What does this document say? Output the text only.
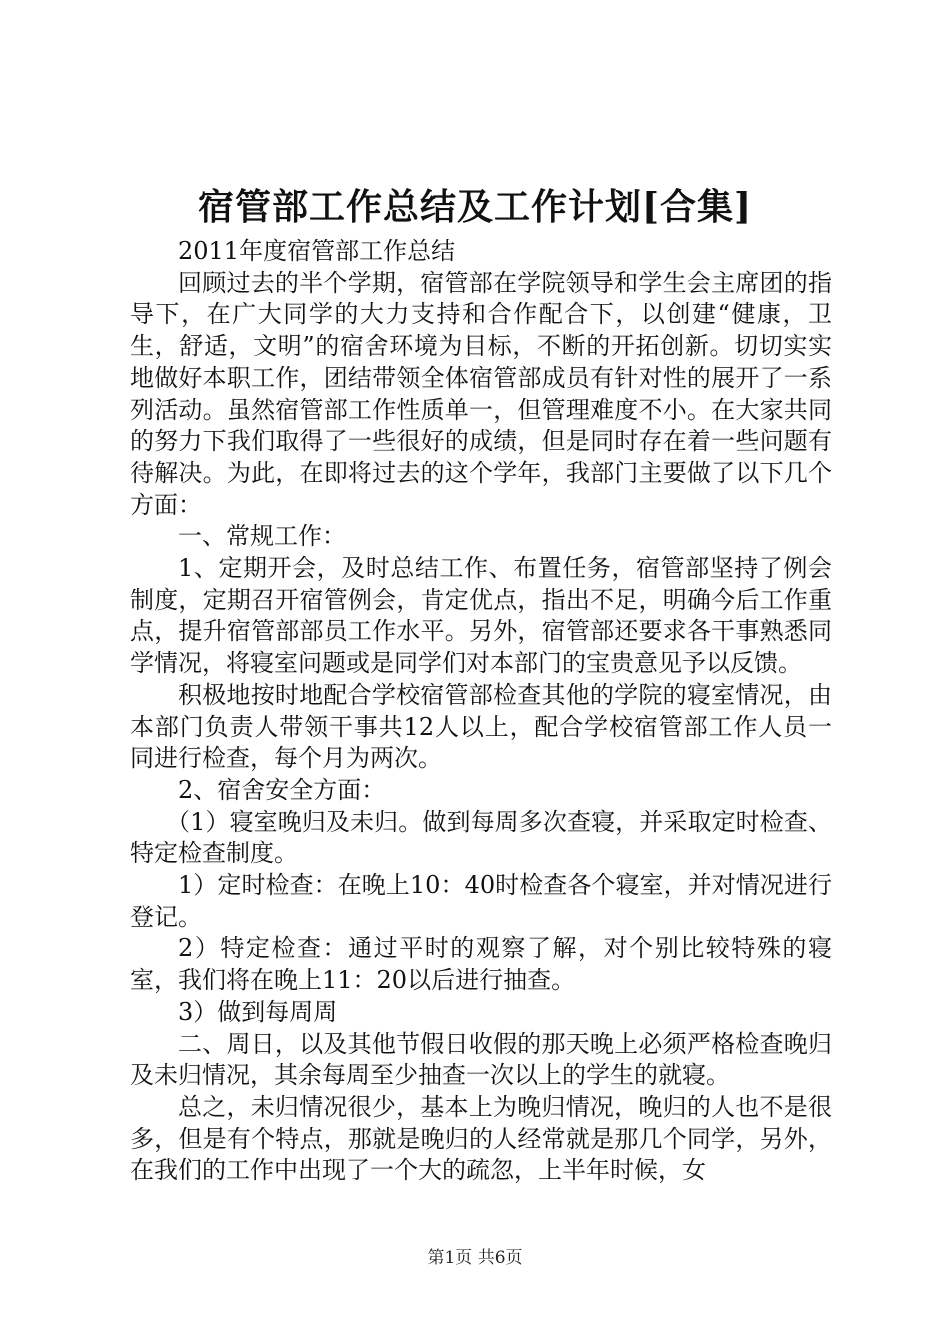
宿管部工作总结及工作计划[合集]

2011年度宿管部工作总结

回顾过去的半个学期，宿管部在学院领导和学生会主席团的指导下，在广大同学的大力支持和合作配合下，以创建“健康，卫生，舒适，文明”的宿舍环境为目标，不断的开拓创新。切切实实地做好本职工作，团结带领全体宿管部成员有针对性的展开了一系列活动。虽然宿管部工作性质单一，但管理难度不小。在大家共同的努力下我们取得了一些很好的成绩，但是同时存在着一些问题有待解决。为此，在即将过去的这个学年，我部门主要做了以下几个方面：

一、常规工作：

1、定期开会，及时总结工作、布置任务，宿管部坚持了例会制度，定期召开宿管例会，肯定优点，指出不足，明确今后工作重点，提升宿管部部员工作水平。另外，宿管部还要求各干事熟悉同学情况，将寝室问题或是同学们对本部门的宝贵意见予以反馈。

积极地按时地配合学校宿管部检查其他的学院的寝室情况，由本部门负责人带领干事共12人以上，配合学校宿管部工作人员一同进行检查，每个月为两次。

2、宿舍安全方面：

（1）寝室晚归及未归。做到每周多次查寝，并采取定时检查、特定检查制度。

1）定时检查：在晚上10：40时检查各个寝室，并对情况进行登记。

2）特定检查：通过平时的观察了解，对个别比较特殊的寝室，我们将在晚上11：20以后进行抽查。

3）做到每周周

二、周日，以及其他节假日收假的那天晚上必须严格检查晚归及未归情况，其余每周至少抽查一次以上的学生的就寝。

总之，未归情况很少，基本上为晚归情况，晚归的人也不是很多，但是有个特点，那就是晚归的人经常就是那几个同学，另外，在我们的工作中出现了一个大的疏忽，上半年时候，女

第1页 共6页
